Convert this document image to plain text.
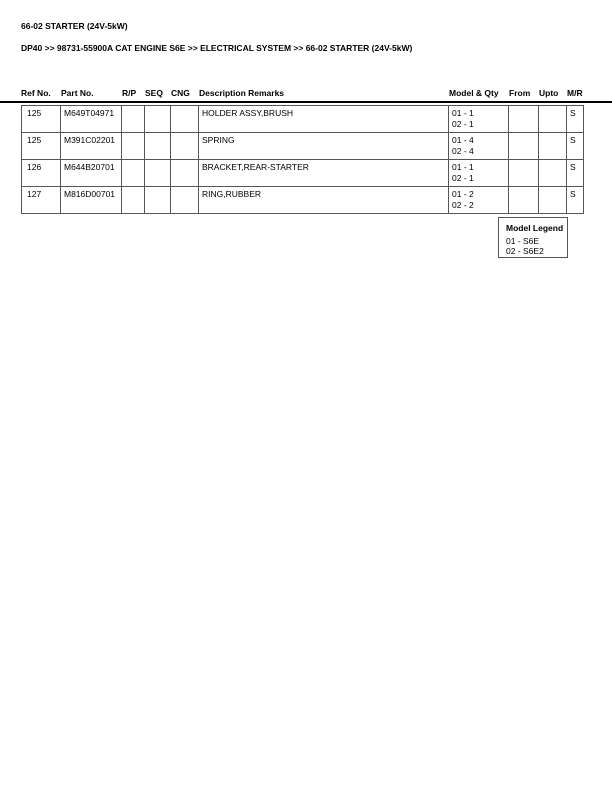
66-02 STARTER (24V-5kW)
DP40 >> 98731-55900A CAT ENGINE S6E >> ELECTRICAL SYSTEM >> 66-02 STARTER (24V-5kW)
Ref No. Part No.	R/P SEQ CNG Description Remarks	Model & Qty From Upto M/R
125	M649T04971				HOLDER ASSY,BRUSH	01 - 1
02 - 1			S
125	M391C02201				SPRING	01 - 4
02 - 4			S
126	M644B20701				BRACKET,REAR-STARTER	01 - 1
02 - 1			S
127	M816D00701				RING,RUBBER	01 - 2
02 - 2			S
Model Legend
01 - S6E
02 - S6E2
